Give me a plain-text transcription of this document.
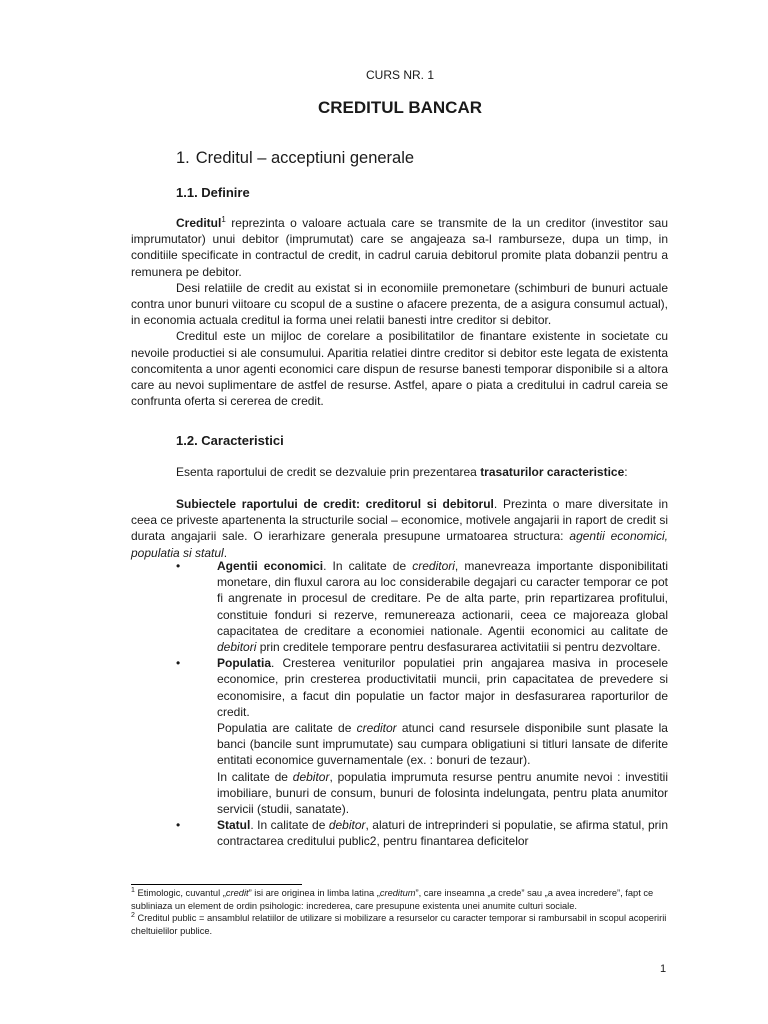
CURS NR. 1
CREDITUL BANCAR
1. Creditul – acceptiuni generale
1.1. Definire

Creditul$^1$ reprezinta o valoare actuala care se transmite de la un creditor (investitor sau imprumutator) unui debitor (imprumutat) care se angajeaza sa-l ramburseze, dupa un timp, in conditiile specificate in contractul de credit, in cadrul caruia debitorul promite plata dobanzii pentru a remunera pe debitor.

Desi relatiile de credit au existat si in economiile premonetare (schimburi de bunuri actuale contra unor bunuri viitoare cu scopul de a sustine o afacere prezenta, de a asigura consumul actual), in economia actuala creditul ia forma unei relatii banesti intre creditor si debitor.

Creditul este un mijloc de corelare a posibilitatilor de finantare existente in societate cu nevoile productiei si ale consumului. Aparitia relatiei dintre creditor si debitor este legata de existenta concomitenta a unor agenti economici care dispun de resurse banesti temporar disponibile si a altora care au nevoi suplimentare de astfel de resurse. Astfel, apare o piata a creditului in cadrul careia se confrunta oferta si cererea de credit.

1.2. Caracteristici

Esenta raportului de credit se dezvaluie prin prezentarea trasaturilor caracteristice:

Subiectele raportului de credit: creditorul si debitorul. Prezinta o mare diversitate in ceea ce priveste apartenenta la structurile social – economice, motivele angajarii in raport de credit si durata angajarii sale. O ierarhizare generala presupune urmatoarea structura: agentii economici, populatia si statul.

•	Agentii economici. In calitate de creditori, manevreaza importante disponibilitati monetare, din fluxul carora au loc considerabile degajari cu caracter temporar ce pot fi angrenate in procesul de creditare. Pe de alta parte, prin repartizarea profitului, constituie fonduri si rezerve, remunereaza actionarii, ceea ce majoreaza global capacitatea de creditare a economiei nationale. Agentii economici au calitate de debitori prin creditele temporare pentru desfasurarea activitatiii si pentru dezvoltare.

•	Populatia. Cresterea veniturilor populatiei prin angajarea masiva in procesele economice, prin cresterea productivitatii muncii, prin capacitatea de prevedere si economisire, a facut din populatie un factor major in desfasurarea raporturilor de credit.

Populatia are calitate de creditor atunci cand resursele disponibile sunt plasate la banci (bancile sunt imprumutate) sau cumpara obligatiuni si titluri lansate de diferite entitati economice guvernamentale (ex. : bonuri de tezaur).

In calitate de debitor, populatia imprumuta resurse pentru anumite nevoi : investitii imobiliare, bunuri de consum, bunuri de folosinta indelungata, pentru plata anumitor servicii (studii, sanatate).

•	Statul. In calitate de debitor, alaturi de intreprinderi si populatie, se afirma statul, prin contractarea creditului public2, pentru finantarea deficitelor

$^1$ Etimologic, cuvantul „credit” isi are originea in limba latina „creditum”, care inseamna „a crede” sau „a avea incredere”, fapt ce subliniaza un element de ordin psihologic: increderea, care presupune existenta unei anumite culturi sociale.

$^2$ Creditul public = ansamblul relatiilor de utilizare si mobilizare a resurselor cu caracter temporar si rambursabil in scopul acoperirii cheltuielilor publice.

1
